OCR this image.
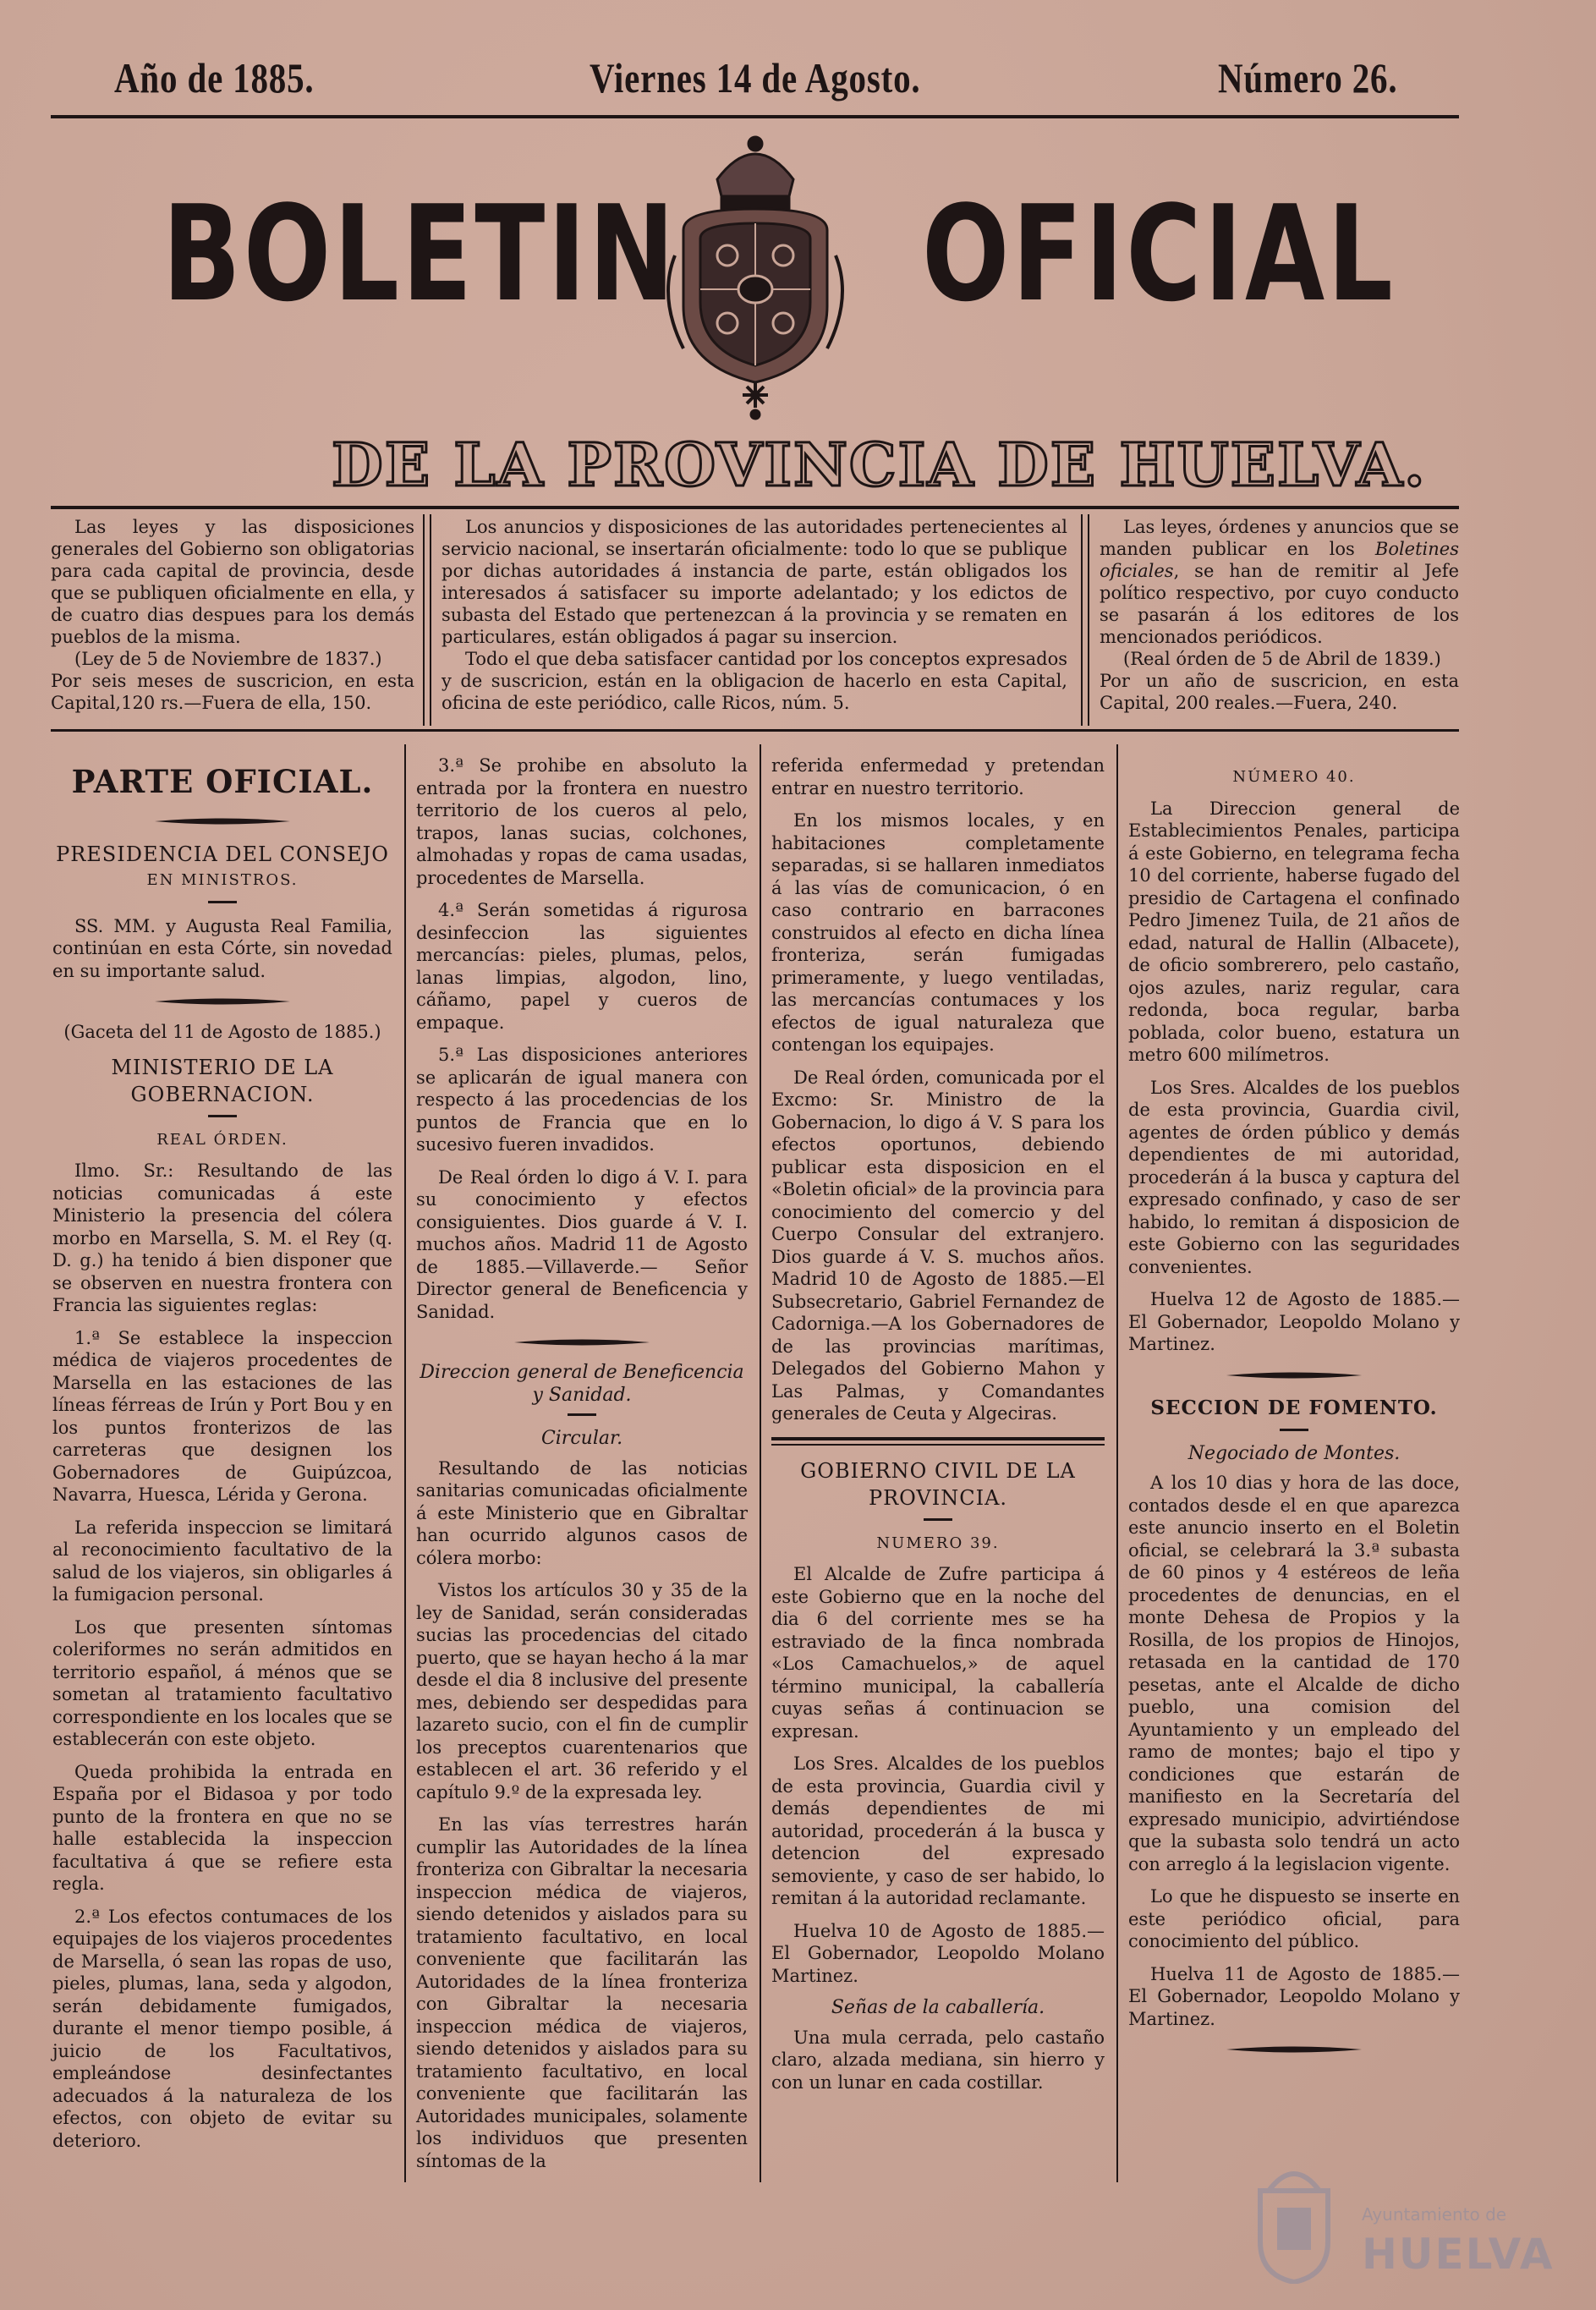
Año de 1885.	Viernes 14 de Agosto.	Número 26.
BOLETIN OFICIAL
DE LA PROVINCIA DE HUELVA.

Las leyes y las disposiciones generales del Gobierno son obligatorias para cada capital de provincia, desde que se publiquen oficialmente en ella, y de cuatro dias despues para los demás pueblos de la misma.

(Ley de 5 de Noviembre de 1837.)

Por seis meses de suscricion, en esta Capital,120 rs.—Fuera de ella, 150.

Los anuncios y disposiciones de las autoridades pertenecientes al servicio nacional, se insertarán oficialmente: todo lo que se publique por dichas autoridades á instancia de parte, están obligados los interesados á satisfacer su importe adelantado; y los edictos de subasta del Estado que pertenezcan á la provincia y se rematen en particulares, están obligados á pagar su insercion.

Todo el que deba satisfacer cantidad por los conceptos expresados y de suscricion, están en la obligacion de hacerlo en esta Capital, oficina de este periódico, calle Ricos, núm. 5.

Las leyes, órdenes y anuncios que se manden publicar en los Boletines oficiales, se han de remitir al Jefe político respectivo, por cuyo conducto se pasarán á los editores de los mencionados periódicos.

(Real órden de 5 de Abril de 1839.)

Por un año de suscricion, en esta Capital, 200 reales.—Fuera, 240.

PARTE OFICIAL.
PRESIDENCIA DEL CONSEJO
EN MINISTROS.

SS. MM. y Augusta Real Familia, continúan en esta Córte, sin novedad en su importante salud.

(Gaceta del 11 de Agosto de 1885.)

MINISTERIO DE LA GOBERNACION.
REAL ÓRDEN.

Ilmo. Sr.: Resultando de las noticias comunicadas á este Ministerio la presencia del cólera morbo en Marsella, S. M. el Rey (q. D. g.) ha tenido á bien disponer que se observen en nuestra frontera con Francia las siguientes reglas:

1.ª Se establece la inspeccion médica de viajeros procedentes de Marsella en las estaciones de las líneas férreas de Irún y Port Bou y en los puntos fronterizos de las carreteras que designen los Gobernadores de Guipúzcoa, Navarra, Huesca, Lérida y Gerona.

La referida inspeccion se limitará al reconocimiento facultativo de la salud de los viajeros, sin obligarles á la fumigacion personal.

Los que presenten síntomas coleriformes no serán admitidos en territorio español, á ménos que se sometan al tratamiento facultativo correspondiente en los locales que se establecerán con este objeto.

Queda prohibida la entrada en España por el Bidasoa y por todo punto de la frontera en que no se halle establecida la inspeccion facultativa á que se refiere esta regla.

2.ª Los efectos contumaces de los equipajes de los viajeros procedentes de Marsella, ó sean las ropas de uso, pieles, plumas, lana, seda y algodon, serán debidamente fumigados, durante el menor tiempo posible, á juicio de los Facultativos, empleándose desinfectantes adecuados á la naturaleza de los efectos, con objeto de evitar su deterioro.

3.ª Se prohibe en absoluto la entrada por la frontera en nuestro territorio de los cueros al pelo, trapos, lanas sucias, colchones, almohadas y ropas de cama usadas, procedentes de Marsella.

4.ª Serán sometidas á rigurosa desinfeccion las siguientes mercancías: pieles, plumas, pelos, lanas limpias, algodon, lino, cáñamo, papel y cueros de empaque.

5.ª Las disposiciones anteriores se aplicarán de igual manera con respecto á las procedencias de los puntos de Francia que en lo sucesivo fueren invadidos.

De Real órden lo digo á V. I. para su conocimiento y efectos consiguientes. Dios guarde á V. I. muchos años. Madrid 11 de Agosto de 1885.—Villaverde.— Señor Director general de Beneficencia y Sanidad.

Direccion general de Beneficencia y Sanidad.
Circular.

Resultando de las noticias sanitarias comunicadas oficialmente á este Ministerio que en Gibraltar han ocurrido algunos casos de cólera morbo:

Vistos los artículos 30 y 35 de la ley de Sanidad, serán consideradas sucias las procedencias del citado puerto, que se hayan hecho á la mar desde el dia 8 inclusive del presente mes, debiendo ser despedidas para lazareto sucio, con el fin de cumplir los preceptos cuarentenarios que establecen el art. 36 referido y el capítulo 9.º de la expresada ley.

En las vías terrestres harán cumplir las Autoridades de la línea fronteriza con Gibraltar la necesaria inspeccion médica de viajeros, siendo detenidos y aislados para su tratamiento facultativo, en local conveniente que facilitarán las Autoridades de la línea fronteriza con Gibraltar la necesaria inspeccion médica de viajeros, siendo detenidos y aislados para su tratamiento facultativo, en local conveniente que facilitarán las Autoridades municipales, solamente los individuos que presenten síntomas de la

referida enfermedad y pretendan entrar en nuestro territorio.

En los mismos locales, y en habitaciones completamente separadas, si se hallaren inmediatos á las vías de comunicacion, ó en caso contrario en barracones construidos al efecto en dicha línea fronteriza, serán fumigadas primeramente, y luego ventiladas, las mercancías contumaces y los efectos de igual naturaleza que contengan los equipajes.

De Real órden, comunicada por el Excmo: Sr. Ministro de la Gobernacion, lo digo á V. S para los efectos oportunos, debiendo publicar esta disposicion en el «Boletin oficial» de la provincia para conocimiento del comercio y del Cuerpo Consular del extranjero. Dios guarde á V. S. muchos años. Madrid 10 de Agosto de 1885.—El Subsecretario, Gabriel Fernandez de Cadorniga.—A los Gobernadores de de las provincias marítimas, Delegados del Gobierno Mahon y Las Palmas, y Comandantes generales de Ceuta y Algeciras.

GOBIERNO CIVIL DE LA PROVINCIA.
NUMERO 39.

El Alcalde de Zufre participa á este Gobierno que en la noche del dia 6 del corriente mes se ha estraviado de la finca nombrada «Los Camachuelos,» de aquel término municipal, la caballería cuyas señas á continuacion se expresan.

Los Sres. Alcaldes de los pueblos de esta provincia, Guardia civil y demás dependientes de mi autoridad, procederán á la busca y detencion del expresado semoviente, y caso de ser habido, lo remitan á la autoridad reclamante.

Huelva 10 de Agosto de 1885.— El Gobernador, Leopoldo Molano Martinez.

Señas de la caballería.

Una mula cerrada, pelo castaño claro, alzada mediana, sin hierro y con un lunar en cada costillar.

NÚMERO 40.

La Direccion general de Establecimientos Penales, participa á este Gobierno, en telegrama fecha 10 del corriente, haberse fugado del presidio de Cartagena el confinado Pedro Jimenez Tuila, de 21 años de edad, natural de Hallin (Albacete), de oficio sombrerero, pelo castaño, ojos azules, nariz regular, cara redonda, boca regular, barba poblada, color bueno, estatura un metro 600 milímetros.

Los Sres. Alcaldes de los pueblos de esta provincia, Guardia civil, agentes de órden público y demás dependientes de mi autoridad, procederán á la busca y captura del expresado confinado, y caso de ser habido, lo remitan á disposicion de este Gobierno con las seguridades convenientes.

Huelva 12 de Agosto de 1885.— El Gobernador, Leopoldo Molano y Martinez.

SECCION DE FOMENTO.
Negociado de Montes.

A los 10 dias y hora de las doce, contados desde el en que aparezca este anuncio inserto en el Boletin oficial, se celebrará la 3.ª subasta de 60 pinos y 4 estéreos de leña procedentes de denuncias, en el monte Dehesa de Propios y la Rosilla, de los propios de Hinojos, retasada en la cantidad de 170 pesetas, ante el Alcalde de dicho pueblo, una comision del Ayuntamiento y un empleado del ramo de montes; bajo el tipo y condiciones que estarán de manifiesto en la Secretaría del expresado municipio, advirtiéndose que la subasta solo tendrá un acto con arreglo á la legislacion vigente.

Lo que he dispuesto se inserte en este periódico oficial, para conocimiento del público.

Huelva 11 de Agosto de 1885.— El Gobernador, Leopoldo Molano y Martinez.

Ayuntamiento de
HUELVA
